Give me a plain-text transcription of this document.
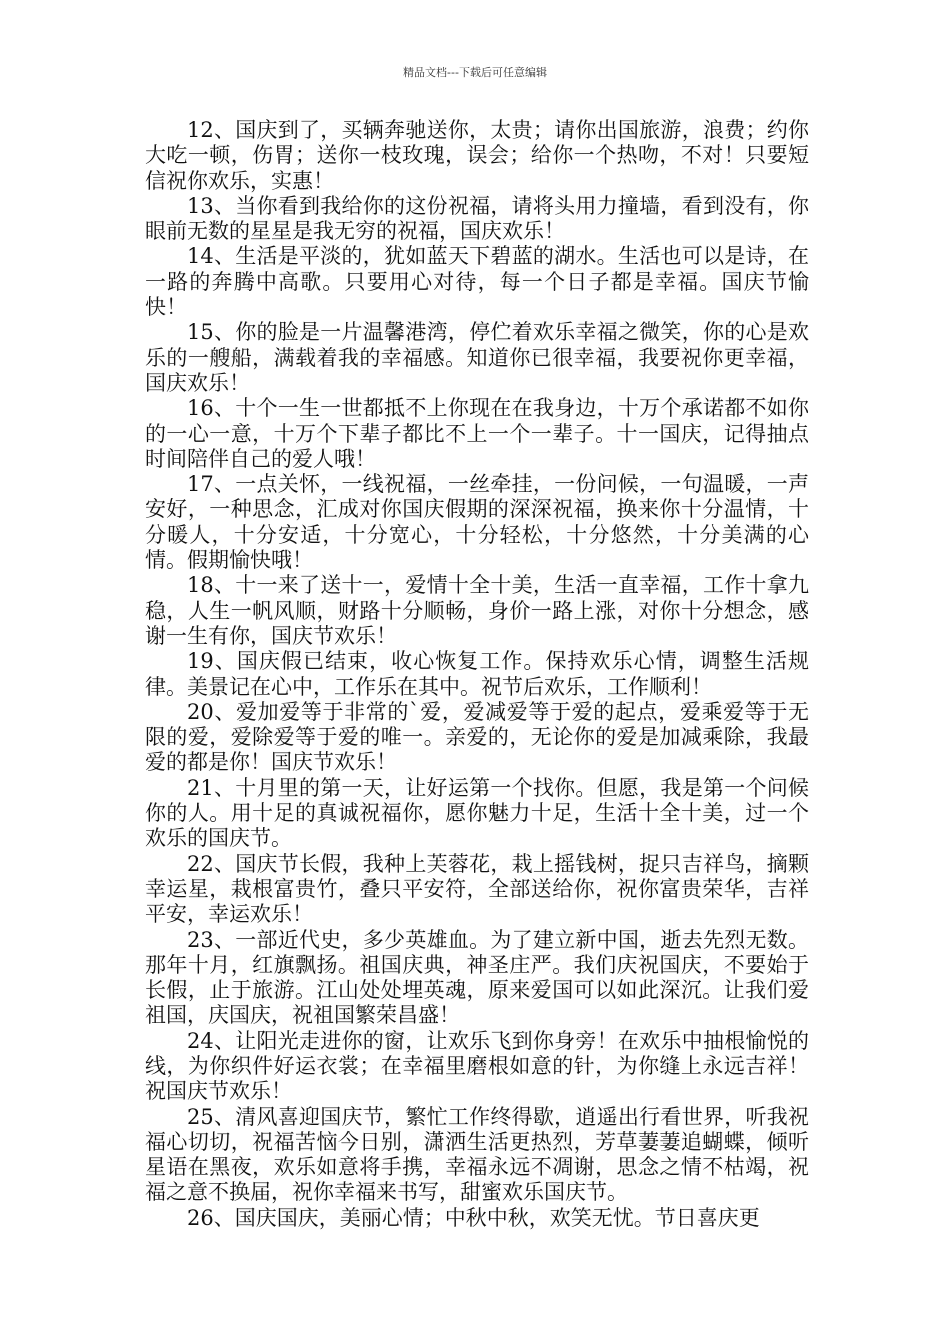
精品文档---下载后可任意编辑

12、国庆到了，买辆奔驰送你，太贵；请你出国旅游，浪费；约你大吃一顿，伤胃；送你一枝玫瑰，误会；给你一个热吻，不对！只要短信祝你欢乐，实惠！

13、当你看到我给你的这份祝福，请将头用力撞墙，看到没有，你眼前无数的星星是我无穷的祝福，国庆欢乐！

14、生活是平淡的，犹如蓝天下碧蓝的湖水。生活也可以是诗，在一路的奔腾中高歌。只要用心对待，每一个日子都是幸福。国庆节愉快！

15、你的脸是一片温馨港湾，停伫着欢乐幸福之微笑，你的心是欢乐的一艘船，满载着我的幸福感。知道你已很幸福，我要祝你更幸福，国庆欢乐！

16、十个一生一世都抵不上你现在在我身边，十万个承诺都不如你的一心一意，十万个下辈子都比不上一个一辈子。十一国庆，记得抽点时间陪伴自己的爱人哦！

17、一点关怀，一线祝福，一丝牵挂，一份问候，一句温暖，一声安好，一种思念，汇成对你国庆假期的深深祝福，换来你十分温情，十分暖人，十分安适，十分宽心，十分轻松，十分悠然，十分美满的心情。假期愉快哦！

18、十一来了送十一，爱情十全十美，生活一直幸福，工作十拿九稳，人生一帆风顺，财路十分顺畅，身价一路上涨，对你十分想念，感谢一生有你，国庆节欢乐！

19、国庆假已结束，收心恢复工作。保持欢乐心情，调整生活规律。美景记在心中，工作乐在其中。祝节后欢乐，工作顺利！

20、爱加爱等于非常的`爱，爱减爱等于爱的起点，爱乘爱等于无限的爱，爱除爱等于爱的唯一。亲爱的，无论你的爱是加减乘除，我最爱的都是你！国庆节欢乐！

21、十月里的第一天，让好运第一个找你。但愿，我是第一个问候你的人。用十足的真诚祝福你，愿你魅力十足，生活十全十美，过一个欢乐的国庆节。

22、国庆节长假，我种上芙蓉花，栽上摇钱树，捉只吉祥鸟，摘颗幸运星，栽根富贵竹，叠只平安符，全部送给你，祝你富贵荣华，吉祥平安，幸运欢乐！

23、一部近代史，多少英雄血。为了建立新中国，逝去先烈无数。那年十月，红旗飘扬。祖国庆典，神圣庄严。我们庆祝国庆，不要始于长假，止于旅游。江山处处埋英魂，原来爱国可以如此深沉。让我们爱祖国，庆国庆，祝祖国繁荣昌盛！

24、让阳光走进你的窗，让欢乐飞到你身旁！在欢乐中抽根愉悦的线，为你织件好运衣裳；在幸福里磨根如意的针，为你缝上永远吉祥！祝国庆节欢乐！

25、清风喜迎国庆节，繁忙工作终得歇，逍遥出行看世界，听我祝福心切切，祝福苦恼今日别，潇洒生活更热烈，芳草萋萋追蝴蝶，倾听星语在黑夜，欢乐如意将手携，幸福永远不凋谢，思念之情不枯竭，祝福之意不换届，祝你幸福来书写，甜蜜欢乐国庆节。

26、国庆国庆，美丽心情；中秋中秋，欢笑无忧。节日喜庆更
